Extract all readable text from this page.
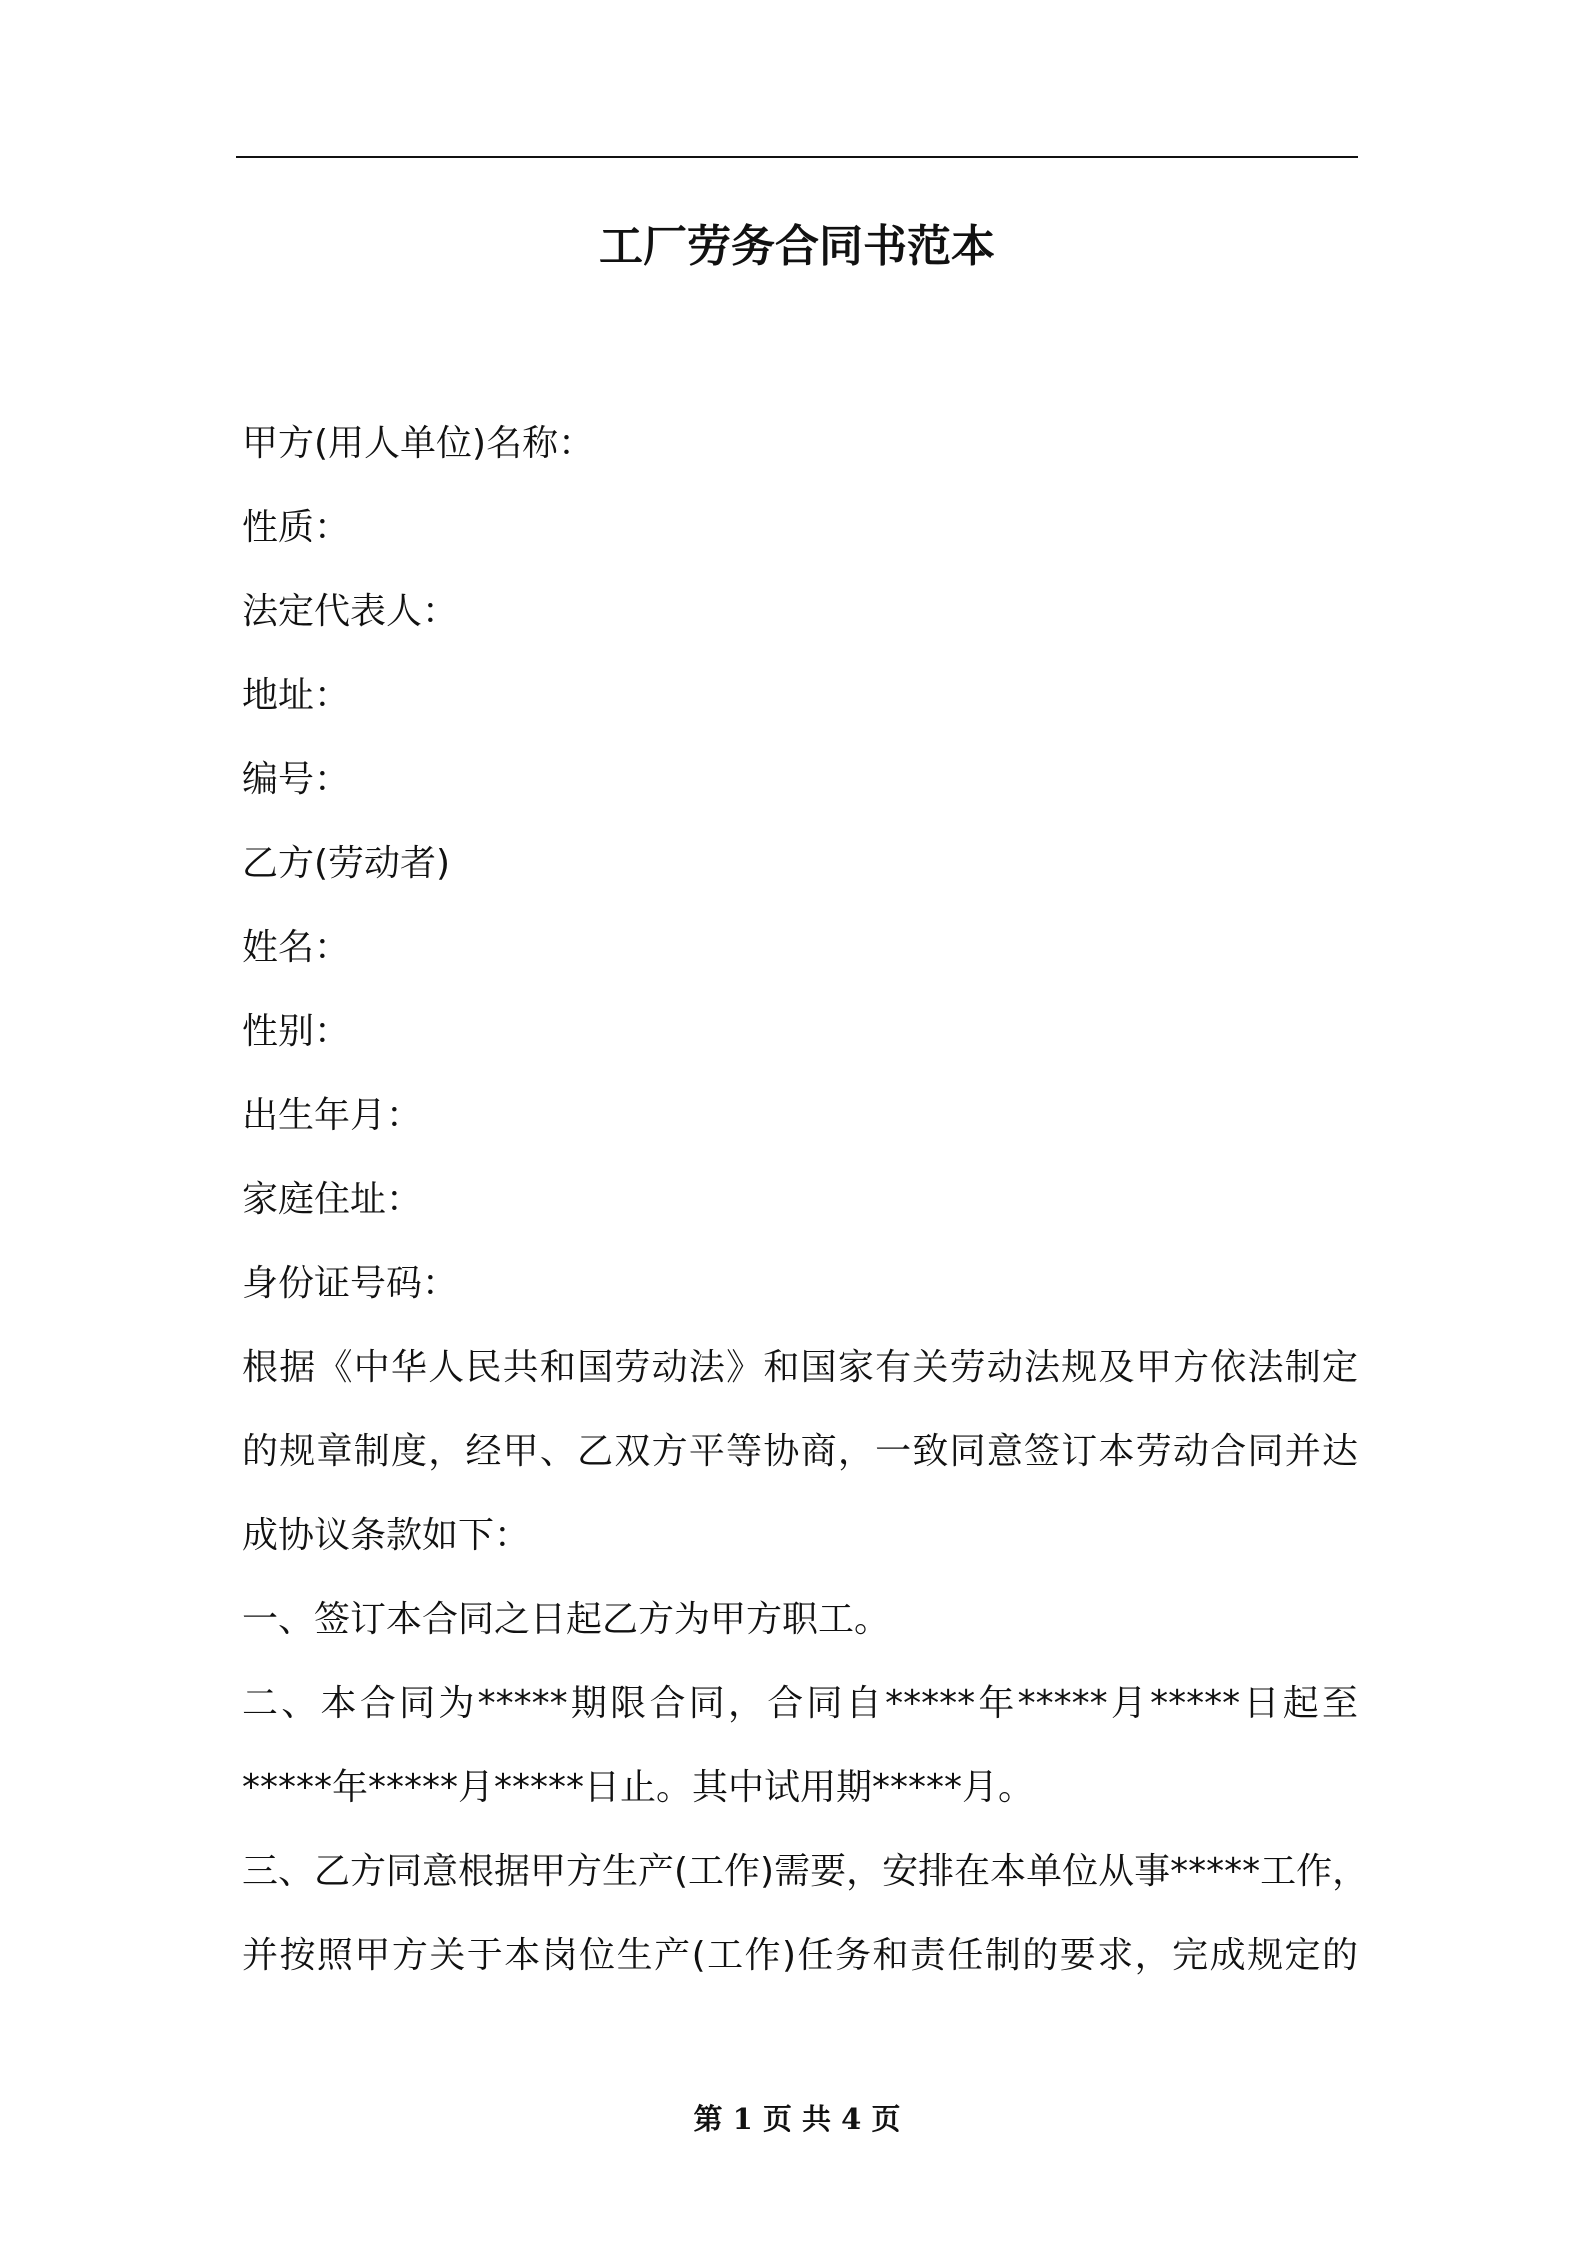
工厂劳务合同书范本

甲方(用人单位)名称：

性质：

法定代表人：

地址：

编号：

乙方(劳动者)

姓名：

性别：

出生年月：

家庭住址：

身份证号码：

根据《中华人民共和国劳动法》和国家有关劳动法规及甲方依法制定

的规章制度，经甲、乙双方平等协商，一致同意签订本劳动合同并达

成协议条款如下：

一、签订本合同之日起乙方为甲方职工。

二、本合同为*****期限合同，合同自*****年*****月*****日起至

*****年*****月*****日止。其中试用期*****月。

三、乙方同意根据甲方生产(工作)需要，安排在本单位从事*****工作，

并按照甲方关于本岗位生产(工作)任务和责任制的要求，完成规定的

第 1 页 共 4 页
